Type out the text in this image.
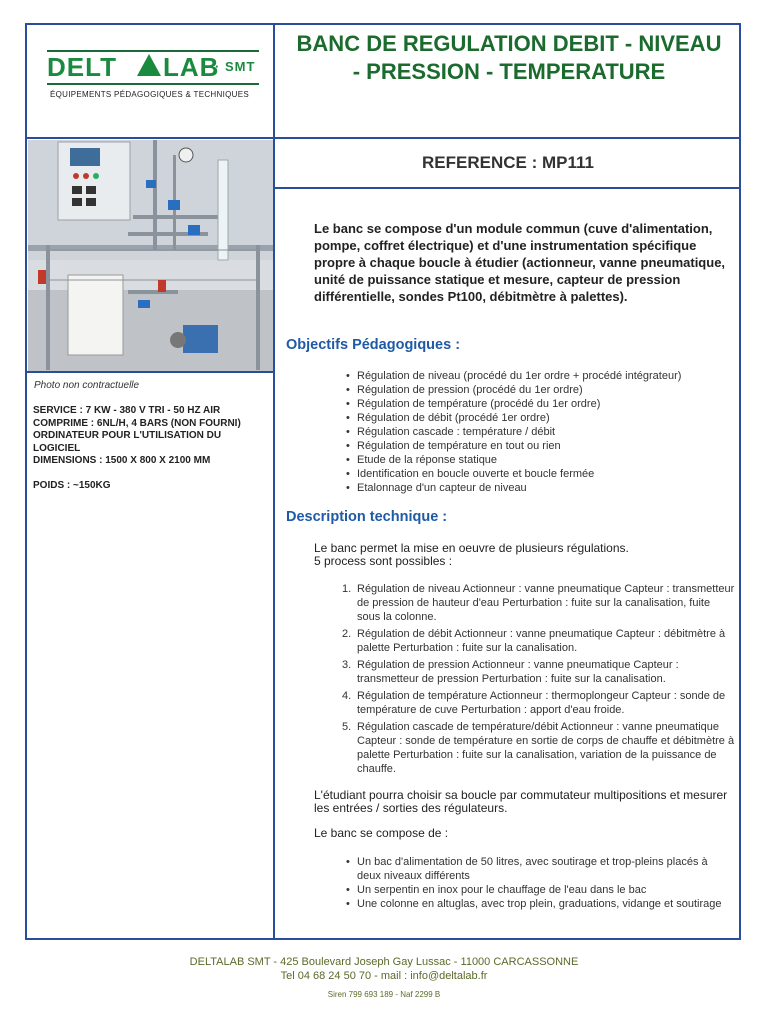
DELT LAB
· SMT
ÉQUIPEMENTS PÉDAGOGIQUES & TECHNIQUES
BANC DE REGULATION DEBIT - NIVEAU
- PRESSION - TEMPERATURE
REFERENCE : MP111
Photo non contractuelle
SERVICE : 7 KW - 380 V TRI - 50 HZ AIR
COMPRIME : 6NL/H, 4 BARS (NON FOURNI)
ORDINATEUR POUR L'UTILISATION DU
LOGICIEL
DIMENSIONS : 1500 X 800 X 2100 MM
POIDS : ~150KG
Le banc se compose d'un module commun (cuve d'alimentation, pompe, coffret électrique) et d'une instrumentation spécifique propre à chaque boucle à étudier (actionneur, vanne pneumatique, unité de puissance statique et mesure, capteur de pression différentielle, sondes Pt100, débitmètre à palettes).
Objectifs Pédagogiques :
• Régulation de niveau (procédé du 1er ordre + procédé intégrateur)
• Régulation de pression (procédé du 1er ordre)
• Régulation de température (procédé du 1er ordre)
• Régulation de débit (procédé 1er ordre)
• Régulation cascade : température / débit
• Régulation de température en tout ou rien
• Etude de la réponse statique
• Identification en boucle ouverte et boucle fermée
• Etalonnage d'un capteur de niveau
Description technique :
Le banc permet la mise en oeuvre de plusieurs régulations.
5 process sont possibles :
1. Régulation de niveau Actionneur : vanne pneumatique Capteur : transmetteur de pression de hauteur d'eau Perturbation : fuite sur la canalisation, fuite sous la colonne.
2. Régulation de débit Actionneur : vanne pneumatique Capteur : débitmètre à palette Perturbation : fuite sur la canalisation.
3. Régulation de pression Actionneur : vanne pneumatique Capteur : transmetteur de pression Perturbation : fuite sur la canalisation.
4. Régulation de température Actionneur : thermoplongeur Capteur : sonde de température de cuve Perturbation : apport d'eau froide.
5. Régulation cascade de température/débit Actionneur : vanne pneumatique Capteur : sonde de température en sortie de corps de chauffe et débitmètre à palette Perturbation : fuite sur la canalisation, variation de la puissance de chauffe.
L'étudiant pourra choisir sa boucle par commutateur multipositions et mesurer les entrées / sorties des régulateurs.
Le banc se compose de :
• Un bac d'alimentation de 50 litres, avec soutirage et trop-pleins placés à deux niveaux différents
• Un serpentin en inox pour le chauffage de l'eau dans le bac
• Une colonne en altuglas, avec trop plein, graduations, vidange et soutirage
DELTALAB SMT - 425 Boulevard Joseph Gay Lussac - 11000 CARCASSONNE
Tel 04 68 24 50 70 - mail : info@deltalab.fr
Siren 799 693 189 - Naf 2299 B
